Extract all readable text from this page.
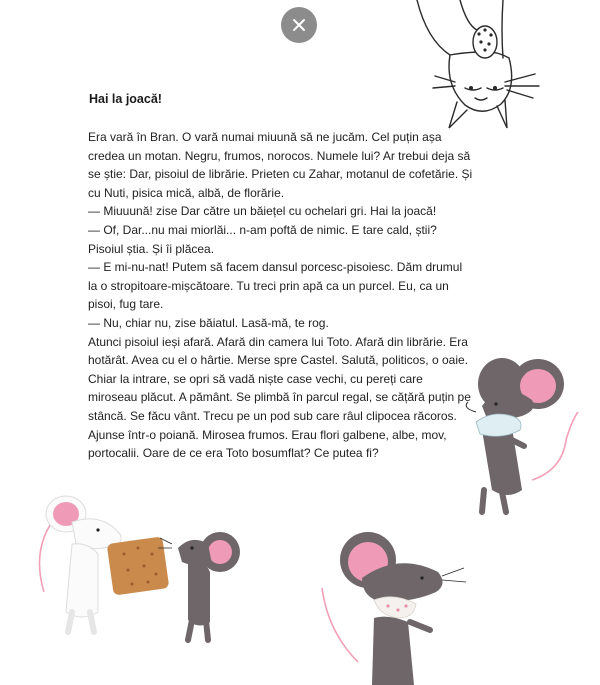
Hai la joacă!

Era vară în Bran. O vară numai miuună să ne jucăm. Cel puțin așa credea un motan. Negru, frumos, norocos. Numele lui? Ar trebui deja să se știe: Dar, pisoiul de librărie. Prieten cu Zahar, motanul de cofetărie. Și cu Nuti, pisica mică, albă, de florărie.

— Miuuună! zise Dar către un băiețel cu ochelari gri. Hai la joacă!

— Of, Dar...nu mai miorlăi... n-am poftă de nimic. E tare cald, știi? Pisoiul știa. Și îi plăcea.

— E mi-nu-nat! Putem să facem dansul porcesc-pisoiesc. Dăm drumul la o stropitoare-mișcătoare. Tu treci prin apă ca un purcel. Eu, ca un pisoi, fug tare.

— Nu, chiar nu, zise băiatul. Lasă-mă, te rog.

Atunci pisoiul ieși afară. Afară din camera lui Toto. Afară din librărie. Era hotărât. Avea cu el o hârtie. Merse spre Castel. Salută, politicos, o oaie. Chiar la intrare, se opri să vadă niște case vechi, cu pereți care miroseau plăcut. A pământ. Se plimbă în parcul regal, se cățără puțin pe stâncă. Se făcu vânt. Trecu pe un pod sub care râul clipocea răcoros. Ajunse într-o poiană. Mirosea frumos. Erau flori galbene, albe, mov, portocalii. Oare de ce era Toto bosumflat? Ce putea fi?
